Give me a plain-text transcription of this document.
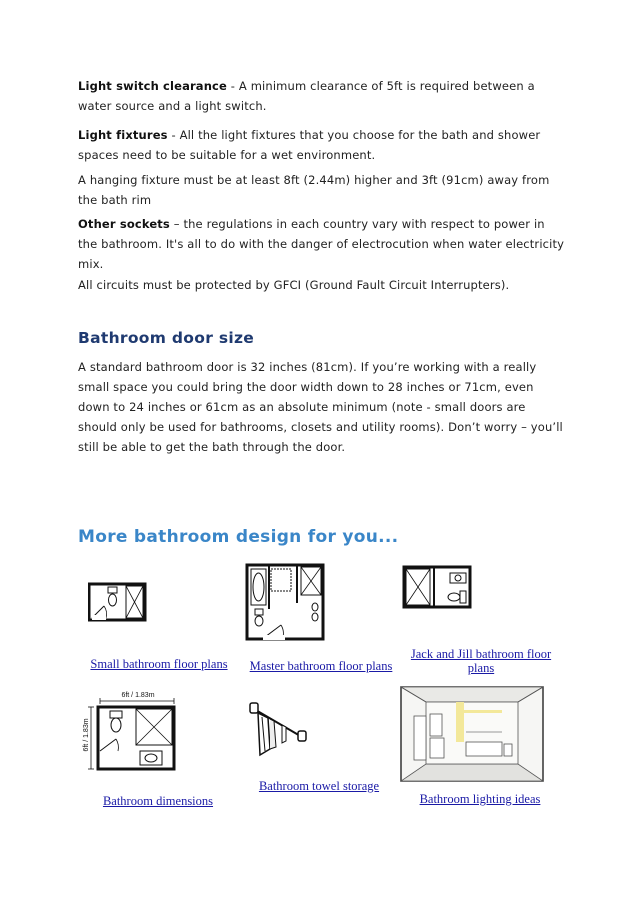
Light switch clearance - A minimum clearance of 5ft is required between a water source and a light switch.
Light fixtures - All the light fixtures that you choose for the bath and shower spaces need to be suitable for a wet environment.
A hanging fixture must be at least 8ft (2.44m) higher and 3ft (91cm) away from the bath rim
Other sockets – the regulations in each country vary with respect to power in the bathroom. It's all to do with the danger of electrocution when water electricity mix.
All circuits must be protected by GFCI (Ground Fault Circuit Interrupters).
Bathroom door size
A standard bathroom door is 32 inches (81cm). If you’re working with a really small space you could bring the door width down to 28 inches or 71cm, even down to 24 inches or 61cm as an absolute minimum (note - small doors are should only be used for bathrooms, closets and utility rooms). Don’t worry – you’ll still be able to get the bath through the door.
More bathroom design for you...
Small bathroom floor plans	Master bathroom floor plans
Jack and Jill bathroom floor plans
6ft / 1.83m
6ft / 1.83m
Bathroom dimensions
Bathroom towel storage
Bathroom lighting ideas
